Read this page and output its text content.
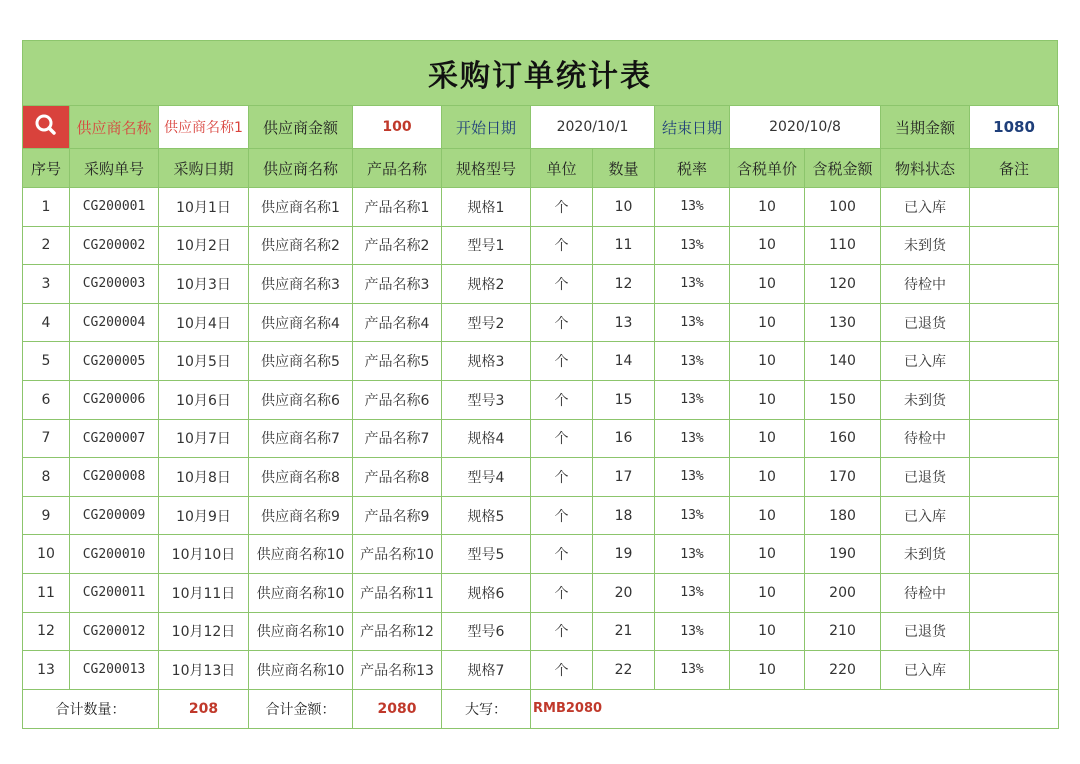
采购订单统计表
	供应商名称	供应商名称1	供应商金额	100	开始日期	2020/10/1		结束日期	2020/10/8		当期金额	1080
序号	采购单号	采购日期	供应商名称	产品名称	规格型号	单位	数量	税率	含税单价	含税金额	物料状态	备注
1	CG200001	10月1日	供应商名称1	产品名称1	规格1	个	10	13%	10	100	已入库	
2	CG200002	10月2日	供应商名称2	产品名称2	型号1	个	11	13%	10	110	未到货	
3	CG200003	10月3日	供应商名称3	产品名称3	规格2	个	12	13%	10	120	待检中	
4	CG200004	10月4日	供应商名称4	产品名称4	型号2	个	13	13%	10	130	已退货	
5	CG200005	10月5日	供应商名称5	产品名称5	规格3	个	14	13%	10	140	已入库	
6	CG200006	10月6日	供应商名称6	产品名称6	型号3	个	15	13%	10	150	未到货	
7	CG200007	10月7日	供应商名称7	产品名称7	规格4	个	16	13%	10	160	待检中	
8	CG200008	10月8日	供应商名称8	产品名称8	型号4	个	17	13%	10	170	已退货	
9	CG200009	10月9日	供应商名称9	产品名称9	规格5	个	18	13%	10	180	已入库	
10	CG200010	10月10日	供应商名称10	产品名称10	型号5	个	19	13%	10	190	未到货	
11	CG200011	10月11日	供应商名称10	产品名称11	规格6	个	20	13%	10	200	待检中	
12	CG200012	10月12日	供应商名称10	产品名称12	型号6	个	21	13%	10	210	已退货	
13	CG200013	10月13日	供应商名称10	产品名称13	规格7	个	22	13%	10	220	已入库	
合计数量：		208	合计金额：	2080	大写：	RMB2080						
